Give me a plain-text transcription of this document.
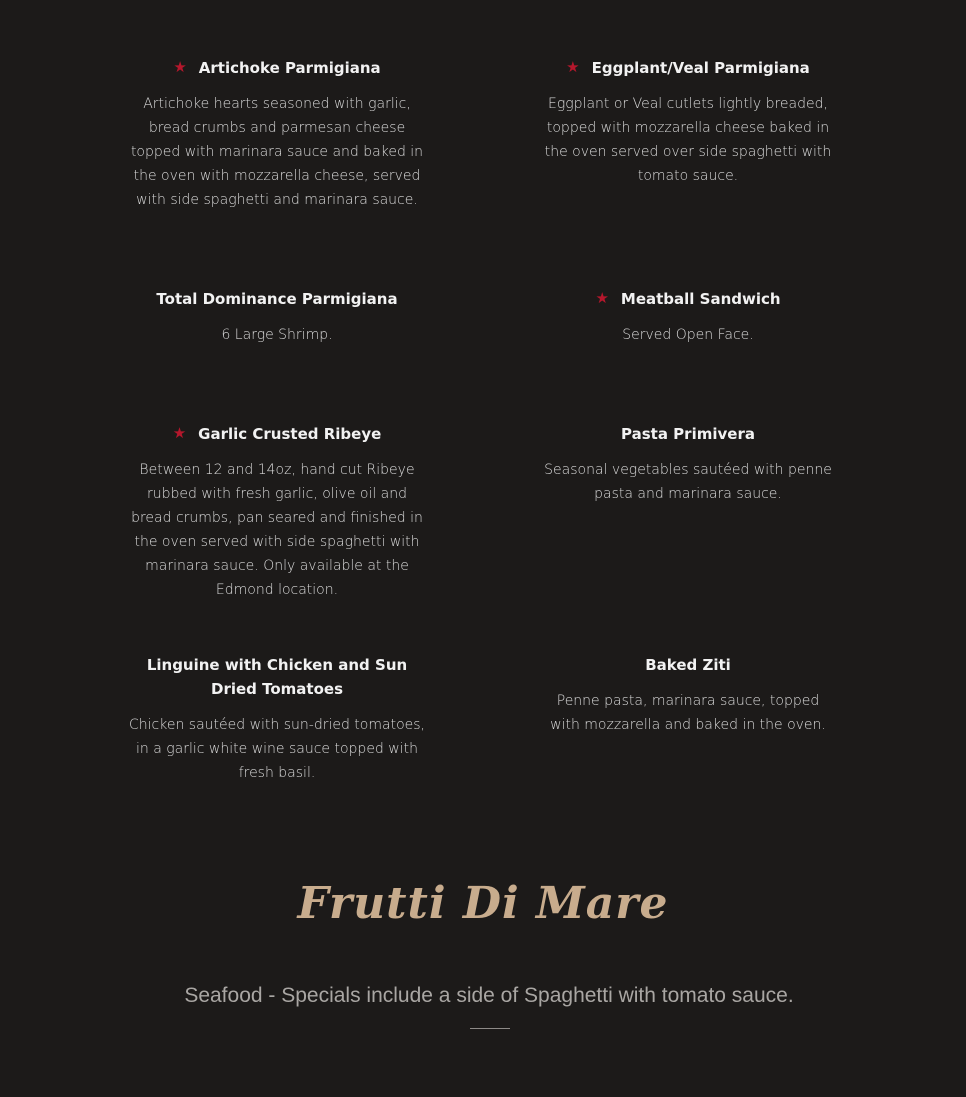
★ Artichoke Parmigiana

Artichoke hearts seasoned with garlic, bread crumbs and parmesan cheese topped with marinara sauce and baked in the oven with mozzarella cheese, served with side spaghetti and marinara sauce.

★ Eggplant/Veal Parmigiana

Eggplant or Veal cutlets lightly breaded, topped with mozzarella cheese baked in the oven served over side spaghetti with tomato sauce.

Total Dominance Parmigiana

6 Large Shrimp.

★ Meatball Sandwich

Served Open Face.

★ Garlic Crusted Ribeye

Between 12 and 14oz, hand cut Ribeye rubbed with fresh garlic, olive oil and bread crumbs, pan seared and finished in the oven served with side spaghetti with marinara sauce. Only available at the Edmond location.

Pasta Primivera

Seasonal vegetables sautéed with penne pasta and marinara sauce.

Linguine with Chicken and Sun Dried Tomatoes

Chicken sautéed with sun-dried tomatoes, in a garlic white wine sauce topped with fresh basil.

Baked Ziti

Penne pasta, marinara sauce, topped with mozzarella and baked in the oven.

Frutti Di Mare

Seafood - Specials include a side of Spaghetti with tomato sauce.
